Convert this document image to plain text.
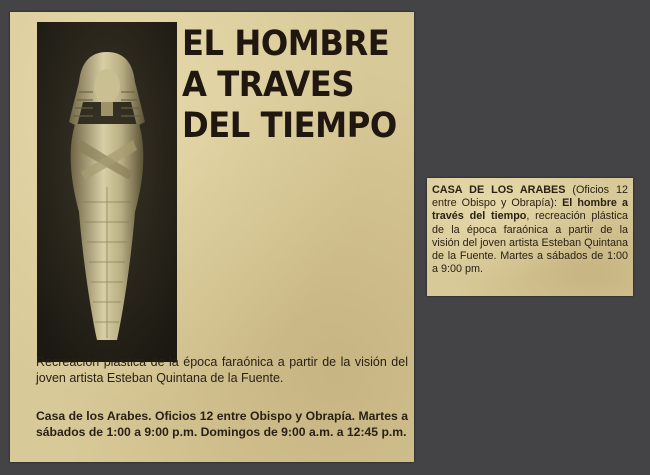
EL HOMBRE
A TRAVES
DEL TIEMPO

Recreación plástica de la época faraónica a partir de la visión del joven artista Esteban Quintana de la Fuente.

Casa de los Arabes. Oficios 12 entre Obispo y Obrapía. Martes a sábados de 1:00 a 9:00 p.m. Domingos de 9:00 a.m. a 12:45 p.m.

CASA DE LOS ARABES (Oficios 12 entre Obispo y Obrapía): El hombre a través del tiempo, recreación plástica de la época faraónica a partir de la visión del joven artista Esteban Quintana de la Fuente. Martes a sábados de 1:00 a 9:00 pm.
